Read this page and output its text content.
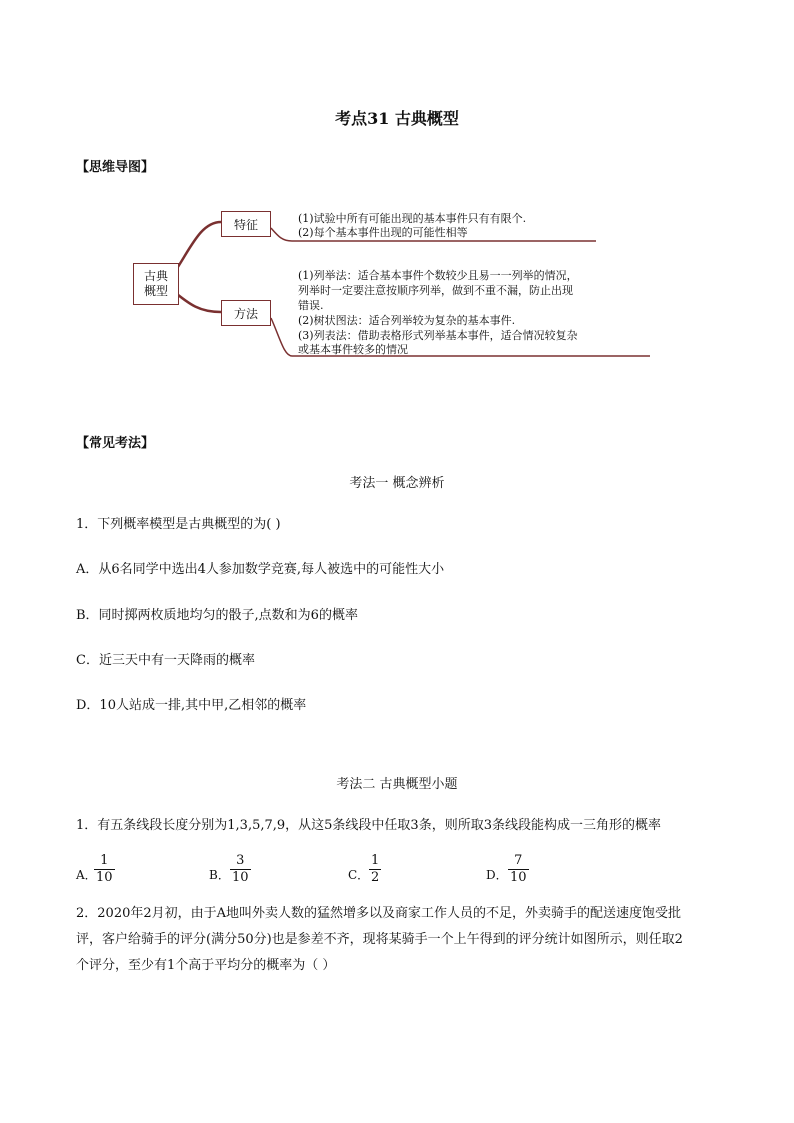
考点31 古典概型
【思维导图】
古典
概型
特征
方法
(1)试验中所有可能出现的基本事件只有有限个.
(2)每个基本事件出现的可能性相等
(1)列举法：适合基本事件个数较少且易一一列举的情况，
列举时一定要注意按顺序列举，做到不重不漏，防止出现
错误.
(2)树状图法：适合列举较为复杂的基本事件.
(3)列表法：借助表格形式列举基本事件，适合情况较复杂
或基本事件较多的情况
【常见考法】
考法一 概念辨析
1．下列概率模型是古典概型的为( )
A．从6名同学中选出4人参加数学竞赛,每人被选中的可能性大小
B．同时掷两枚质地均匀的骰子,点数和为6的概率
C．近三天中有一天降雨的概率
D．10人站成一排,其中甲,乙相邻的概率
考法二 古典概型小题
1．有五条线段长度分别为1,3,5,7,9，从这5条线段中任取3条，则所取3条线段能构成一三角形的概率
A．
$\frac{1}{10}$	B． $\frac{3}{10}$	C． $\frac{1}{2}$	D． $\frac{7}{10}$
2．2020年2月初，由于A地叫外卖人数的猛然增多以及商家工作人员的不足，外卖骑手的配送速度饱受批
评，客户给骑手的评分(满分50分)也是参差不齐，现将某骑手一个上午得到的评分统计如图所示，则任取2
个评分，至少有1个高于平均分的概率为（ ）
